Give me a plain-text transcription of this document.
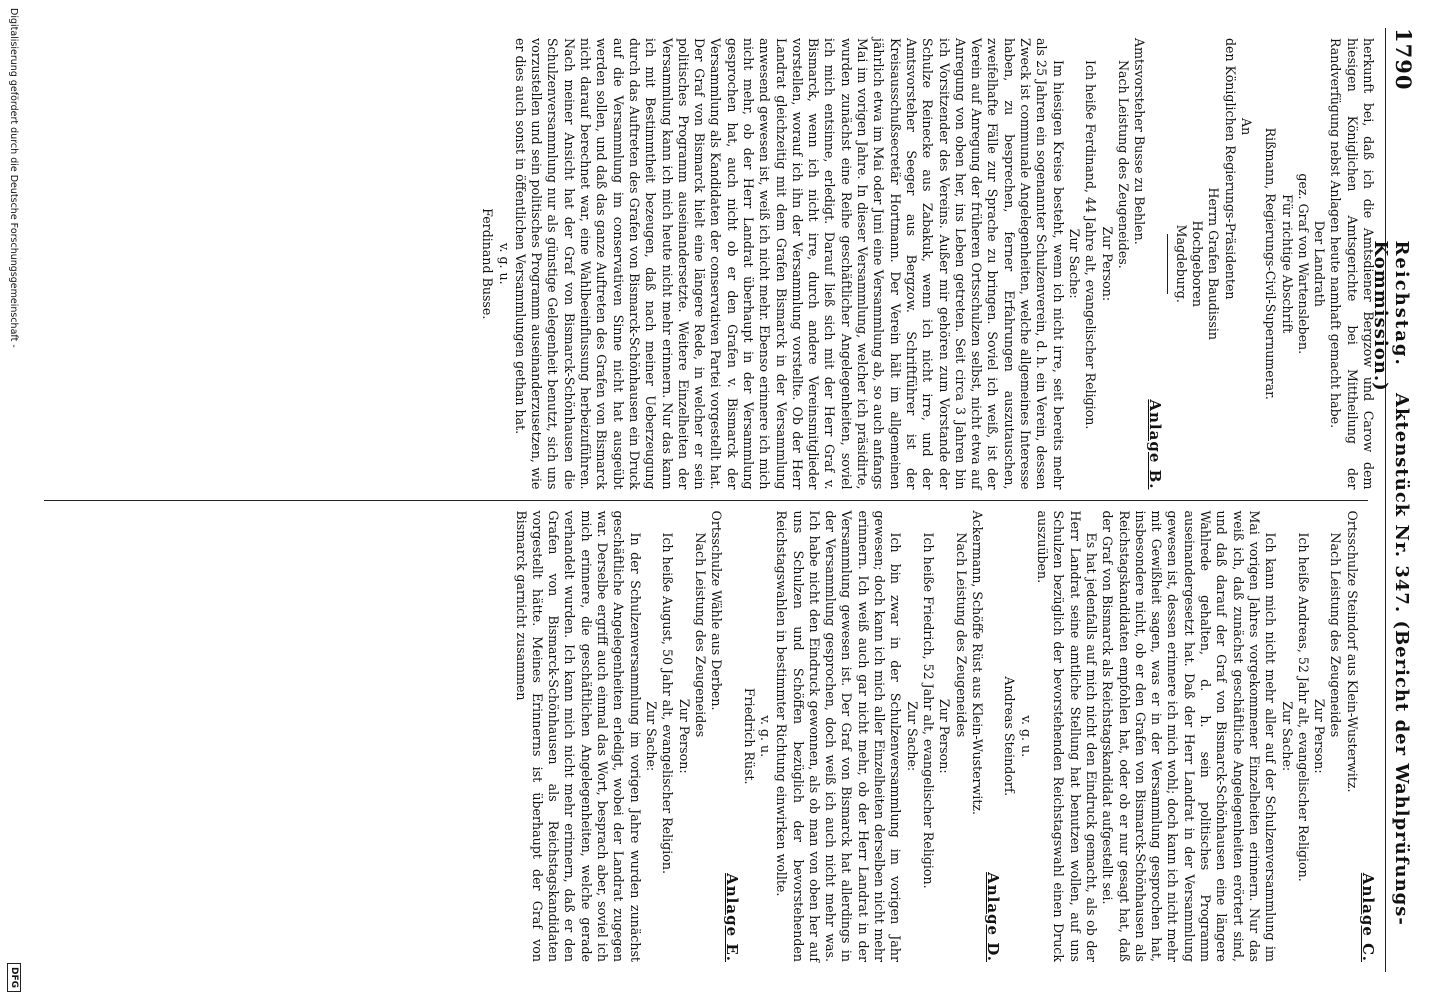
1790
Reichstag. Aktenstück Nr. 347. (Bericht der Wahlprüfungs-Kommission.)

herkunft bei, daß ich die Amtsdiener Bergzow und Carow dem hiesigen Königlichen Amtsgerichte bei Mittheilung der Randverfügung nebst Anlagen heute namhaft gemacht habe.

Der Landrath

gez. Graf von Wartensleben.

Für richtige Abschrift

Rißmann, Regierungs-Civil-Supernumerar.

An

den Königlichen Regierungs-Präsidenten

Herrn Grafen Baudissin

Hochgeboren

Magdeburg.

Anlage B.

Amtsvorsteher Busse zu Behlen.

Nach Leistung des Zeugeneides.

Zur Person:

Ich heiße Ferdinand, 44 Jahre alt, evangelischer Religion.

Zur Sache:

Im hiesigen Kreise besteht, wenn ich nicht irre, seit bereits mehr als 25 Jahren ein sogenannter Schulzenverein, d. h. ein Verein, dessen Zweck ist communale Angelegenheiten, welche allgemeines Interesse haben, zu besprechen, ferner Erfahrungen auszutauschen, zweifelhafte Fälle zur Sprache zu bringen. Soviel ich weiß, ist der Verein auf Anregung der früheren Ortsschulzen selbst, nicht etwa auf Anregung von oben her, ins Leben getreten. Seit circa 3 Jahren bin ich Vorsitzender des Vereins. Außer mir gehören zum Vorstande der Schulze Reinecke aus Zabakuk, wenn ich nicht irre, und der Amtsvorsteher Seeger aus Bergzow. Schriftführer ist der Kreisausschußsecretär Hortmann. Der Verein hält im allgemeinen jährlich etwa im Mai oder Juni eine Versammlung ab, so auch anfangs Mai im vorigen Jahre. In dieser Versammlung, welcher ich präsidirte, wurden zunächst eine Reihe geschäftlicher Angelegenheiten, soviel ich mich entsinne, erledigt. Darauf ließ sich mit der Herr Graf v. Bismarck, wenn ich nicht irre, durch andere Vereinsmitglieder vorstellen, worauf ich ihn der Versammlung vorstellte. Ob der Herr Landrat gleichzeitig mit dem Grafen Bismarck in der Versammlung anwesend gewesen ist, weiß ich nicht mehr. Ebenso erinnere ich mich nicht mehr, ob der Herr Landrat überhaupt in der Versammlung gesprochen hat, auch nicht ob er den Grafen v. Bismarck der Versammlung als Kandidaten der conservativen Partei vorgestellt hat. Der Graf von Bismarck hielt eine längere Rede, in welcher er sein politisches Programm auseinandersetzte. Weitere Einzelheiten der Versammlung kann ich mich heute nicht mehr erinnern. Nur das kann ich mit Bestimmtheit bezeugen, daß nach meiner Ueberzeugung durch das Auftreten des Grafen von Bismarck-Schönhausen ein Druck auf die Versammlung im conservativen Sinne nicht hat ausgeübt werden sollen, und daß das ganze Auftreten des Grafen von Bismarck nicht darauf berechnet war, eine Wahlbeeinflussung herbeizuführen. Nach meiner Ansicht hat der Graf von Bismarck-Schönhausen die Schulzenversammlung nur als günstige Gelegenheit benutzt, sich uns vorzustellen und sein politisches Programm auseinanderzusetzen, wie er dies auch sonst in öffentlichen Versammlungen gethan hat.

v. g. u.

Ferdinand Busse.

Anlage C.

Ortsschulze Steindorf aus Klein-Wusterwitz.

Nach Leistung des Zeugeneides

Zur Person:

Ich heiße Andreas, 52 Jahr alt, evangelischer Religion.

Zur Sache:

Ich kann mich nicht mehr aller auf der Schulzenversammlung im Mai vorigen Jahres vorgekommener Einzelheiten erinnern. Nur das weiß ich, daß zunächst geschäftliche Angelegenheiten erörtert sind, und daß darauf der Graf von Bismarck-Schönhausen eine längere Wahlrede gehalten, d. h. sein politisches Programm auseinandergesetzt hat. Daß der Herr Landrat in der Versammlung gewesen ist, dessen erinnere ich mich wohl; doch kann ich nicht mehr mit Gewißheit sagen, was er in der Versammlung gesprochen hat, insbesondere nicht, ob er den Grafen von Bismarck-Schönhausen als Reichstagskandidaten empfohlen hat, oder ob er nur gesagt hat, daß der Graf von Bismarck als Reichstagskandidat aufgestellt sei.

Es hat jedenfalls auf mich nicht den Eindruck gemacht, als ob der Herr Landrat seine amtliche Stellung hat benutzen wollen, auf uns Schulzen bezüglich der bevorstehenden Reichstagswahl einen Druck auszuüben.

v. g. u.

Andreas Steindorf.

Anlage D.

Ackermann, Schöffe Rüst aus Klein-Wusterwitz.

Nach Leistung des Zeugeneides

Zur Person:

Ich heiße Friedrich, 52 Jahr alt, evangelischer Religion.

Zur Sache:

Ich bin zwar in der Schulzenversammlung im vorigen Jahr gewesen; doch kann ich mich aller Einzelheiten derselben nicht mehr erinnern. Ich weiß auch gar nicht mehr, ob der Herr Landrat in der Versammlung gewesen ist. Der Graf von Bismarck hat allerdings in der Versammlung gesprochen, doch weiß ich auch nicht mehr was. Ich habe nicht den Eindruck gewonnen, als ob man von oben her auf uns Schulzen und Schöffen bezüglich der bevorstehenden Reichstagswahlen in bestimmter Richtung einwirken wollte.

v. g. u.

Friedrich Rüst.

Anlage E.

Ortsschulze Wähle aus Derben.

Nach Leistung des Zeugeneides

Zur Person:

Ich heiße August, 50 Jahr alt, evangelischer Religion.

Zur Sache:

In der Schulzenversammlung im vorigen Jahre wurden zunächst geschäftliche Angelegenheiten erledigt, wobei der Landrat zugegen war. Derselbe ergriff auch einmal das Wort, besprach aber, soviel ich mich erinnere, die geschäftlichen Angelegenheiten, welche gerade verhandelt wurden. Ich kann mich nicht mehr erinnern, daß er den Grafen von Bismarck-Schönhausen als Reichstagskandidaten vorgestellt hätte. Meines Erinnerns ist überhaupt der Graf von Bismarck garnicht zusammen

Digitalisierung gefördert durch die Deutsche Forschungsgemeinschaft -
DFG
